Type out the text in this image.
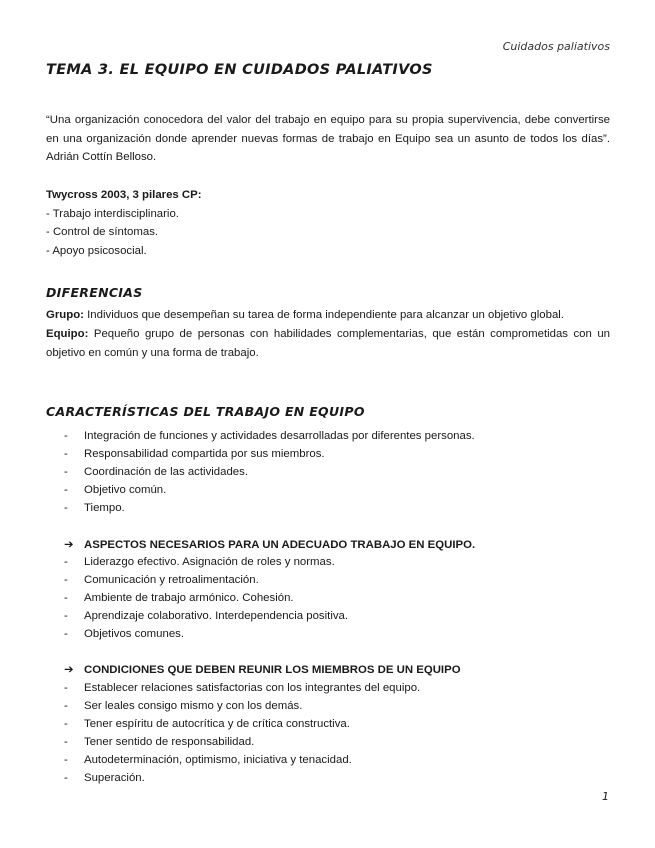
Cuidados paliativos
TEMA 3. EL EQUIPO EN CUIDADOS PALIATIVOS

“Una organización conocedora del valor del trabajo en equipo para su propia supervivencia, debe convertirse en una organización donde aprender nuevas formas de trabajo en Equipo sea un asunto de todos los días”. Adrián Cottín Belloso.

Twycross 2003, 3 pilares CP:

- Trabajo interdisciplinario.

- Control de síntomas.

- Apoyo psicosocial.

DIFERENCIAS

Grupo: Individuos que desempeñan su tarea de forma independiente para alcanzar un objetivo global.

Equipo: Pequeño grupo de personas con habilidades complementarias, que están comprometidas con un objetivo en común y una forma de trabajo.

CARACTERÍSTICAS DEL TRABAJO EN EQUIPO
- Integración de funciones y actividades desarrolladas por diferentes personas.
- Responsabilidad compartida por sus miembros.
- Coordinación de las actividades.
- Objetivo común.
- Tiempo.

➔ ASPECTOS NECESARIOS PARA UN ADECUADO TRABAJO EN EQUIPO.

- Liderazgo efectivo. Asignación de roles y normas.
- Comunicación y retroalimentación.
- Ambiente de trabajo armónico. Cohesión.
- Aprendizaje colaborativo. Interdependencia positiva.
- Objetivos comunes.

➔ CONDICIONES QUE DEBEN REUNIR LOS MIEMBROS DE UN EQUIPO

- Establecer relaciones satisfactorias con los integrantes del equipo.
- Ser leales consigo mismo y con los demás.
- Tener espíritu de autocrítica y de crítica constructiva.
- Tener sentido de responsabilidad.
- Autodeterminación, optimismo, iniciativa y tenacidad.
- Superación.
1
